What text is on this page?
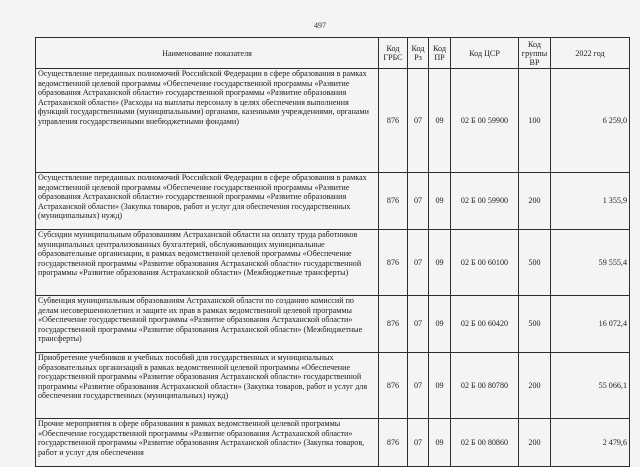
497
Наименование показателя	Код ГРБС	Код Рз	Код ПР	Код ЦСР	Код группы ВР	2022 год
Осуществление переданных полномочий Российской Федерации в сфере образования в рамках ведомственной целевой программы «Обеспечение государственной программы «Развитие образования Астраханской области» государственной программы «Развитие образования Астраханской области» (Расходы на выплаты персоналу в целях обеспечения выполнения функций государственными (муниципальными) органами, казенными учреждениями, органами управления государственными внебюджетными фондами)	876	07	09	02 Б 00 59900	100	6 259,0
Осуществление переданных полномочий Российской Федерации в сфере образования в рамках ведомственной целевой программы «Обеспечение государственной программы «Развитие образования Астраханской области» государственной программы «Развитие образования Астраханской области» (Закупка товаров, работ и услуг для обеспечения государственных (муниципальных) нужд)	876	07	09	02 Б 00 59900	200	1 355,9
Субсидии муниципальным образованиям Астраханской области на оплату труда работников муниципальных централизованных бухгалтерий, обслуживающих муниципальные образовательные организации, в рамках ведомственной целевой программы «Обеспечение государственной программы «Развитие образования Астраханской области» государственной программы «Развитие образования Астраханской области» (Межбюджетные трансферты)	876	07	09	02 Б 00 60100	500	59 555,4
Субвенция муниципальным образованиям Астраханской области по созданию комиссий по делам несовершеннолетних и защите их прав в рамках ведомственной целевой программы «Обеспечение государственной программы «Развитие образования Астраханской области» государственной программы «Развитие образования Астраханской области» (Межбюджетные трансферты)	876	07	09	02 Б 00 60420	500	16 072,4
Приобретение учебников и учебных пособий для государственных и муниципальных образовательных организаций в рамках ведомственной целевой программы «Обеспечение государственной программы «Развитие образования Астраханской области» государственной программы «Развитие образования Астраханской области» (Закупка товаров, работ и услуг для обеспечения государственных (муниципальных) нужд)	876	07	09	02 Б 00 80780	200	55 066,1
Прочие мероприятия в сфере образования в рамках ведомственной целевой программы «Обеспечение государственной программы «Развитие образования Астраханской области» государственной программы «Развитие образования Астраханской области» (Закупка товаров, работ и услуг для обеспечения	876	07	09	02 Б 00 80860	200	2 479,6
